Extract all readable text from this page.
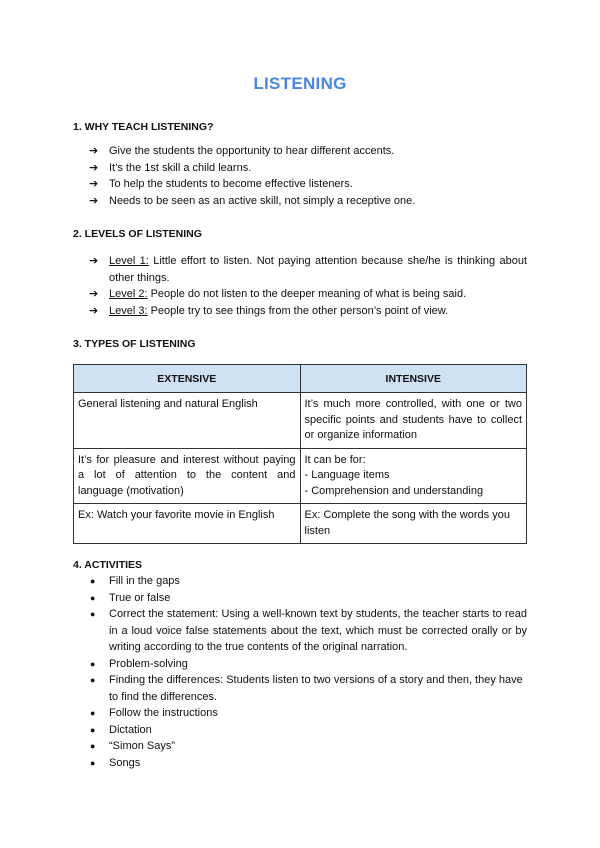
LISTENING
1. WHY TEACH LISTENING?
➔ Give the students the opportunity to hear different accents.
➔ It’s the 1st skill a child learns.
➔ To help the students to become effective listeners.
➔ Needs to be seen as an active skill, not simply a receptive one.
2. LEVELS OF LISTENING
➔ Level 1: Little effort to listen. Not paying attention because she/he is thinking about other things.
➔ Level 2: People do not listen to the deeper meaning of what is being said.
➔ Level 3: People try to see things from the other person’s point of view.
3. TYPES OF LISTENING
EXTENSIVE	INTENSIVE
General listening and natural English	It’s much more controlled, with one or two specific points and students have to collect or organize information
It’s for pleasure and interest without paying a lot of attention to the content and language (motivation)	It can be for:
- Language items
- Comprehension and understanding
Ex: Watch your favorite movie in English	Ex: Complete the song with the words you listen
4. ACTIVITIES
● Fill in the gaps
● True or false
● Correct the statement: Using a well-known text by students, the teacher starts to read in a loud voice false statements about the text, which must be corrected orally or by writing according to the true contents of the original narration.
● Problem-solving
● Finding the differences: Students listen to two versions of a story and then, they have to find the differences.
● Follow the instructions
● Dictation
● “Simon Says”
● Songs
